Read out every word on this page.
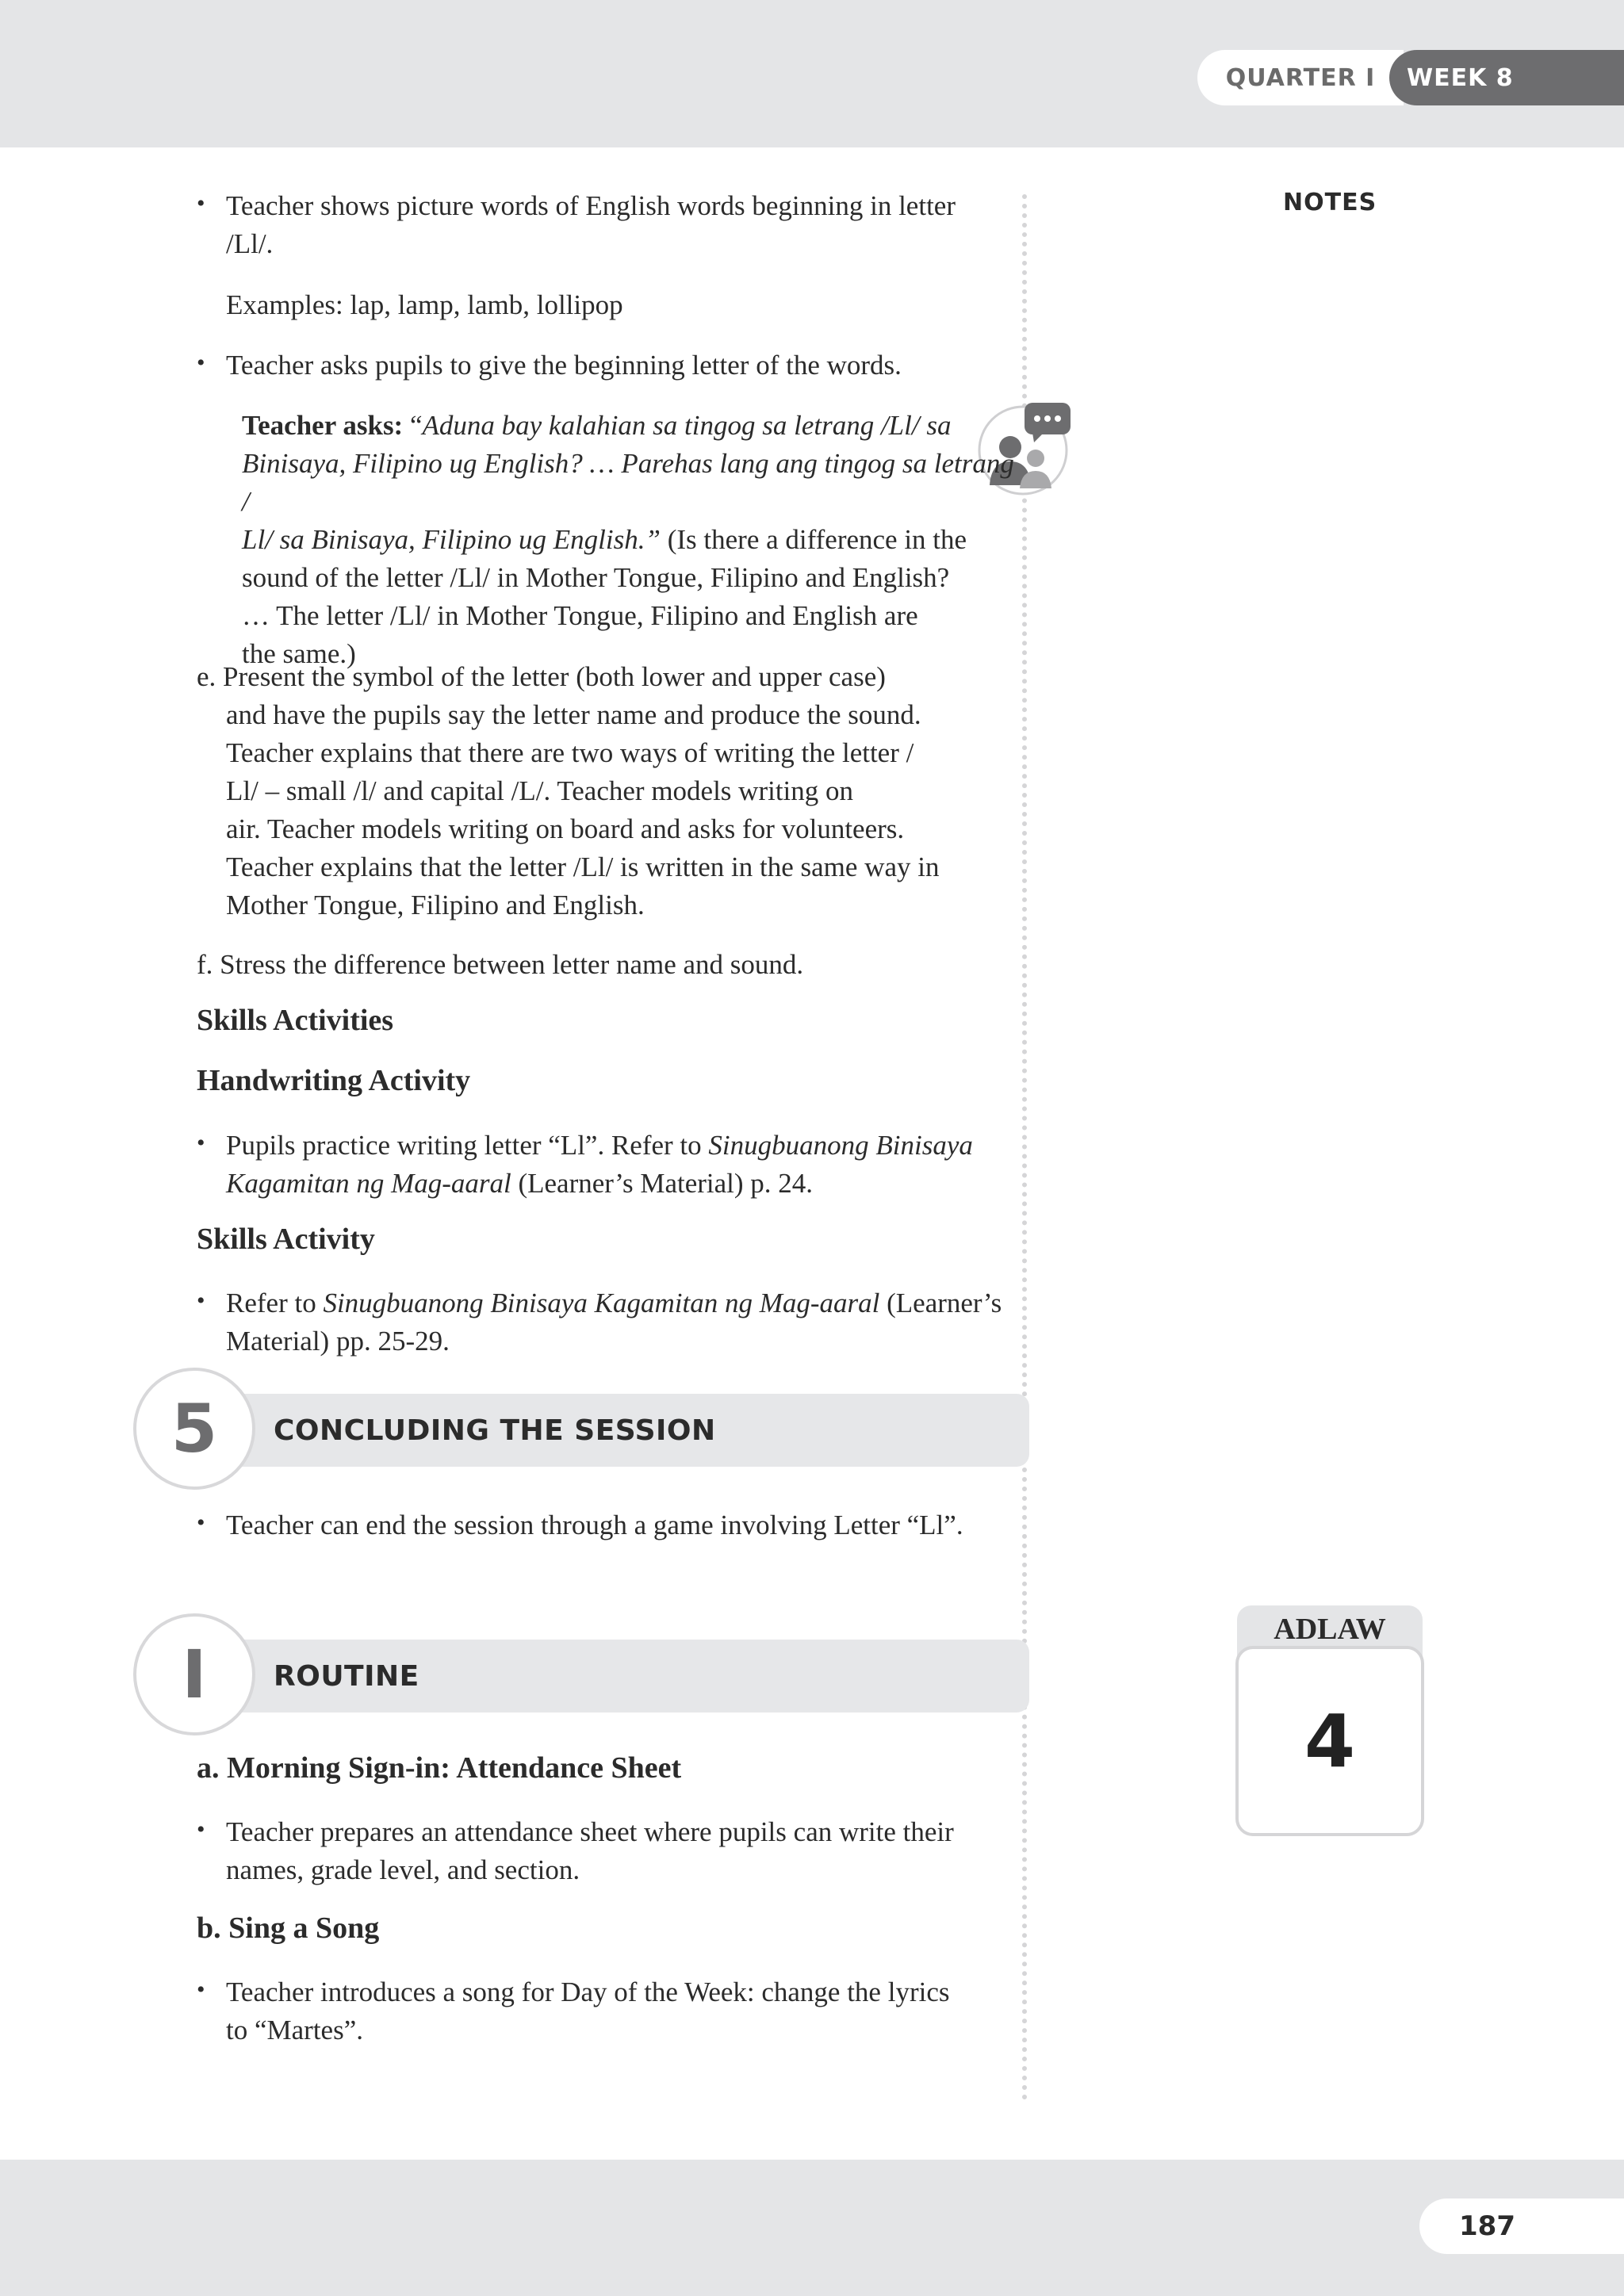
QUARTER I	WEEK 8
NOTES
• Teacher shows picture words of English words beginning in letter
/Ll/.
Examples: lap, lamp, lamb, lollipop
• Teacher asks pupils to give the beginning letter of the words.
Teacher asks: “Aduna bay kalahian sa tingog sa letrang /Ll/ sa
Binisaya, Filipino ug English? … Parehas lang ang tingog sa letrang /
Ll/ sa Binisaya, Filipino ug English.” (Is there a difference in the
sound of the letter /Ll/ in Mother Tongue, Filipino and English?
… The letter /Ll/ in Mother Tongue, Filipino and English are
the same.)
e. Present the symbol of the letter (both lower and upper case)
and have the pupils say the letter name and produce the sound.
Teacher explains that there are two ways of writing the letter /
Ll/ – small /l/ and capital /L/. Teacher models writing on
air. Teacher models writing on board and asks for volunteers.
Teacher explains that the letter /Ll/ is written in the same way in
Mother Tongue, Filipino and English.
f. Stress the difference between letter name and sound.
Skills Activities
Handwriting Activity
• Pupils practice writing letter “Ll”. Refer to Sinugbuanong Binisaya
Kagamitan ng Mag-aaral (Learner’s Material) p. 24.
Skills Activity
• Refer to Sinugbuanong Binisaya Kagamitan ng Mag-aaral (Learner’s
Material) pp. 25-29.
CONCLUDING THE SESSION
5
• Teacher can end the session through a game involving Letter “Ll”.
ROUTINE
I
a. Morning Sign-in: Attendance Sheet
• Teacher prepares an attendance sheet where pupils can write their
names, grade level, and section.
b. Sing a Song
• Teacher introduces a song for Day of the Week: change the lyrics
to “Martes”.
ADLAW
4
187
